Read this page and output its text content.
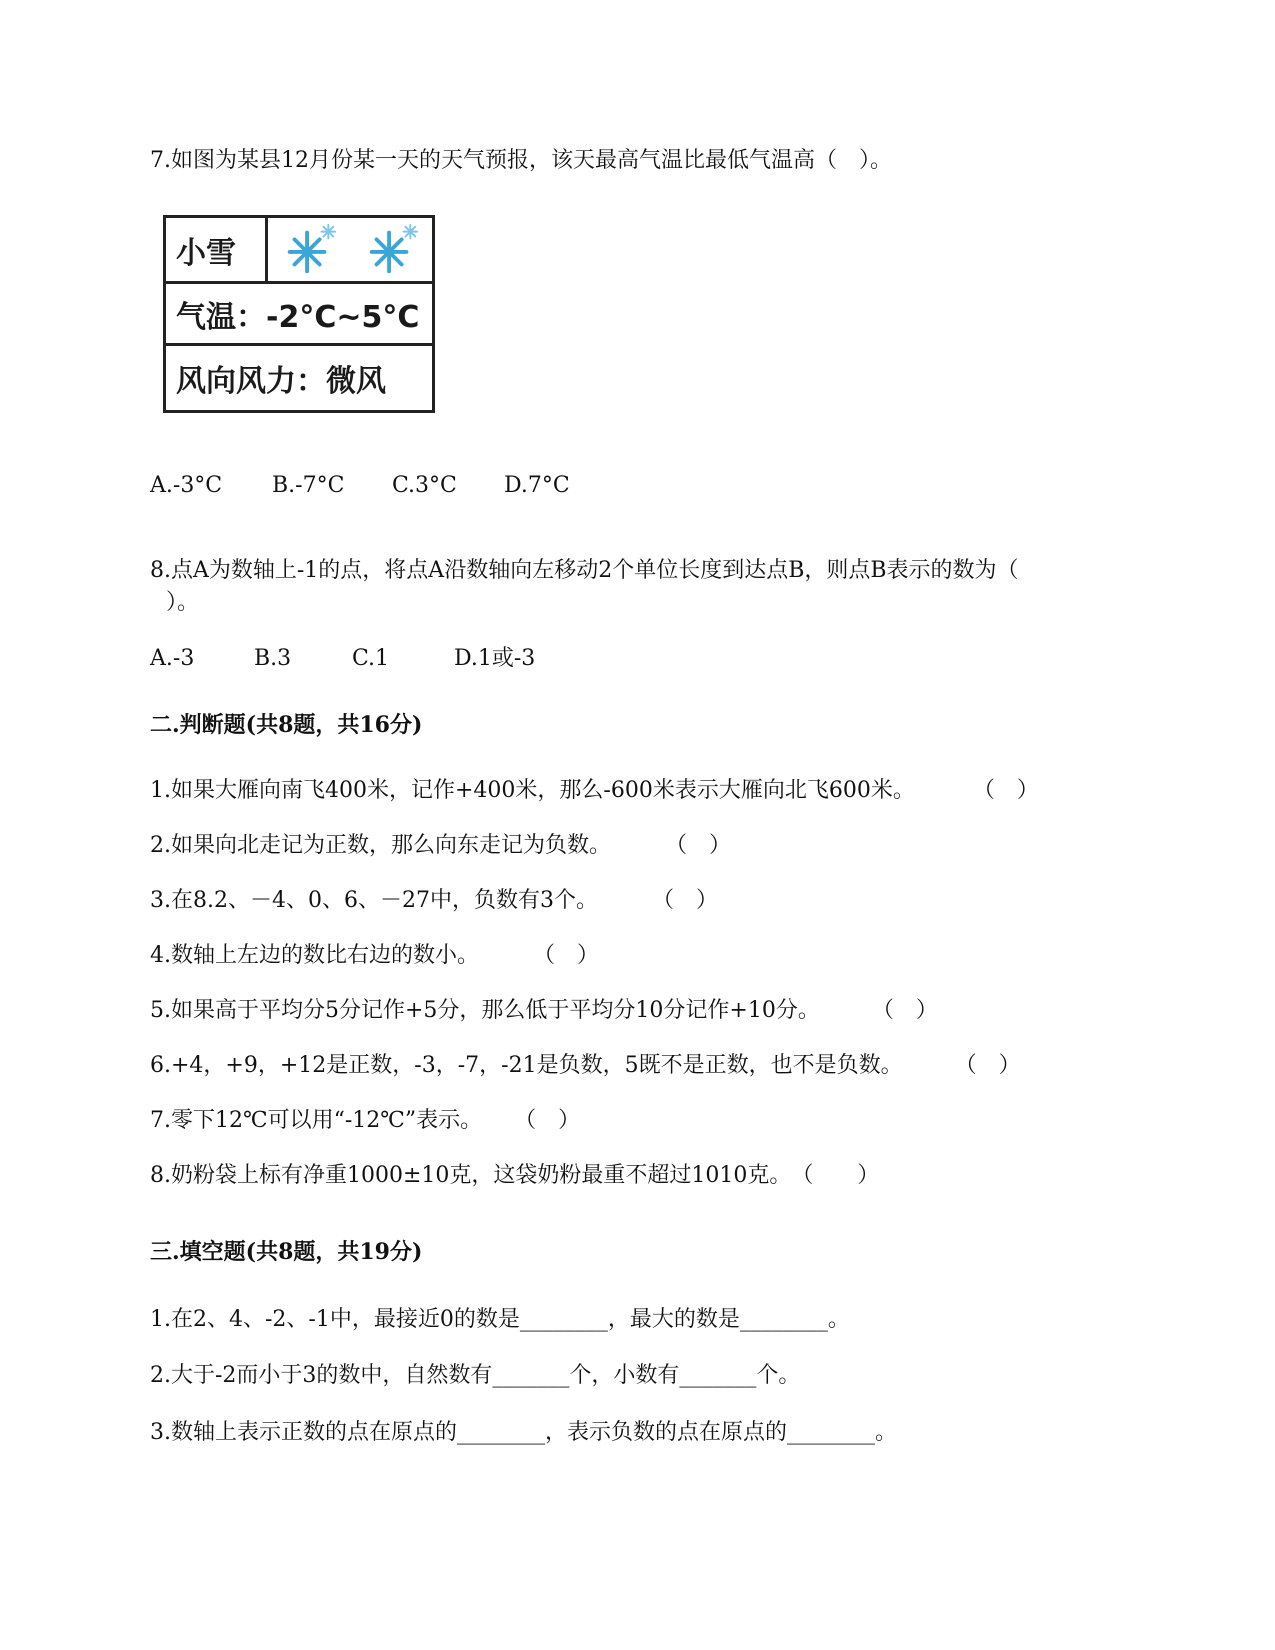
7.如图为某县12月份某一天的天气预报，该天最高气温比最低气温高（　）。
小雪
气温：-2°C~5°C
风向风力：微风
A.-3°C B.-7°C C.3°C D.7°C
8.点A为数轴上-1的点，将点A沿数轴向左移动2个单位长度到达点B，则点B表示的数为（
）。
A.-3	B.3	C.1	D.1或-3
二.判断题(共8题，共16分)
1.如果大雁向南飞400米，记作+400米，那么-600米表示大雁向北飞600米。	（　）
2.如果向北走记为正数，那么向东走记为负数。 （　）
3.在8.2、－4、0、6、－27中，负数有3个。 （　）
4.数轴上左边的数比右边的数小。 （　）
5.如果高于平均分5分记作+5分，那么低于平均分10分记作+10分。 （　）
6.+4，+9，+12是正数，-3，-7，-21是负数，5既不是正数，也不是负数。 （　）
7.零下12℃可以用“-12℃”表示。 （　）
8.奶粉袋上标有净重1000±10克，这袋奶粉最重不超过1010克。（　　）
三.填空题(共8题，共19分)
1.在2、4、-2、-1中，最接近0的数是________，最大的数是________。
2.大于-2而小于3的数中，自然数有_______个，小数有_______个。
3.数轴上表示正数的点在原点的________，表示负数的点在原点的________。
